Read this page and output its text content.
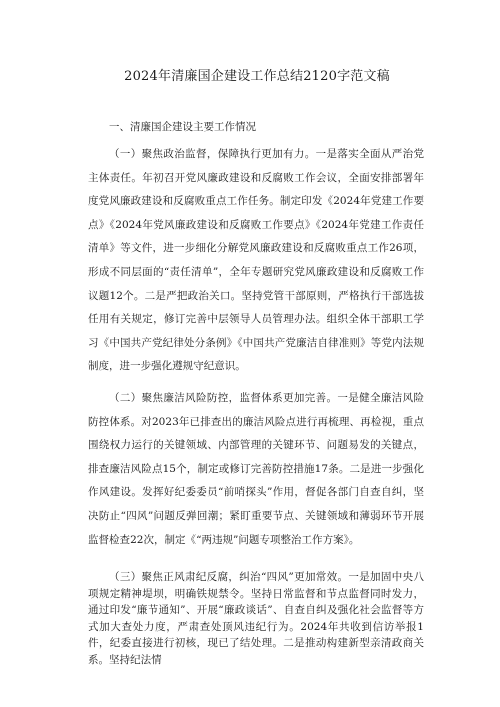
2024年清廉国企建设工作总结2120字范文稿

一、清廉国企建设主要工作情况

（一）聚焦政治监督，保障执行更加有力。一是落实全面从严治党主体责任。年初召开党风廉政建设和反腐败工作会议，全面安排部署年度党风廉政建设和反腐败重点工作任务。制定印发《2024年党建工作要点》《2024年党风廉政建设和反腐败工作要点》《2024年党建工作责任清单》等文件，进一步细化分解党风廉政建设和反腐败重点工作26项，形成不同层面的“责任清单”，全年专题研究党风廉政建设和反腐败工作议题12个。二是严把政治关口。坚持党管干部原则，严格执行干部选拔任用有关规定，修订完善中层领导人员管理办法。组织全体干部职工学习《中国共产党纪律处分条例》《中国共产党廉洁自律准则》等党内法规制度，进一步强化遵规守纪意识。

（二）聚焦廉洁风险防控，监督体系更加完善。一是健全廉洁风险防控体系。对2023年已排查出的廉洁风险点进行再梳理、再检视，重点围绕权力运行的关键领域、内部管理的关键环节、问题易发的关键点，排查廉洁风险点15个，制定或修订完善防控措施17条。二是进一步强化作风建设。发挥好纪委委员“前哨探头”作用，督促各部门自查自纠，坚决防止“四风”问题反弹回潮；紧盯重要节点、关键领域和薄弱环节开展监督检查22次，制定《“两违规”问题专项整治工作方案》。

（三）聚焦正风肃纪反腐，纠治“四风”更加常效。一是加固中央八项规定精神堤坝，明确铁规禁令。坚持日常监督和节点监督同时发力，通过印发“廉节通知”、开展“廉政谈话”、自查自纠及强化社会监督等方式加大查处力度，严肃查处顶风违纪行为。2024年共收到信访举报1件，纪委直接进行初核，现已了结处理。二是推动构建新型亲清政商关系。坚持纪法情
